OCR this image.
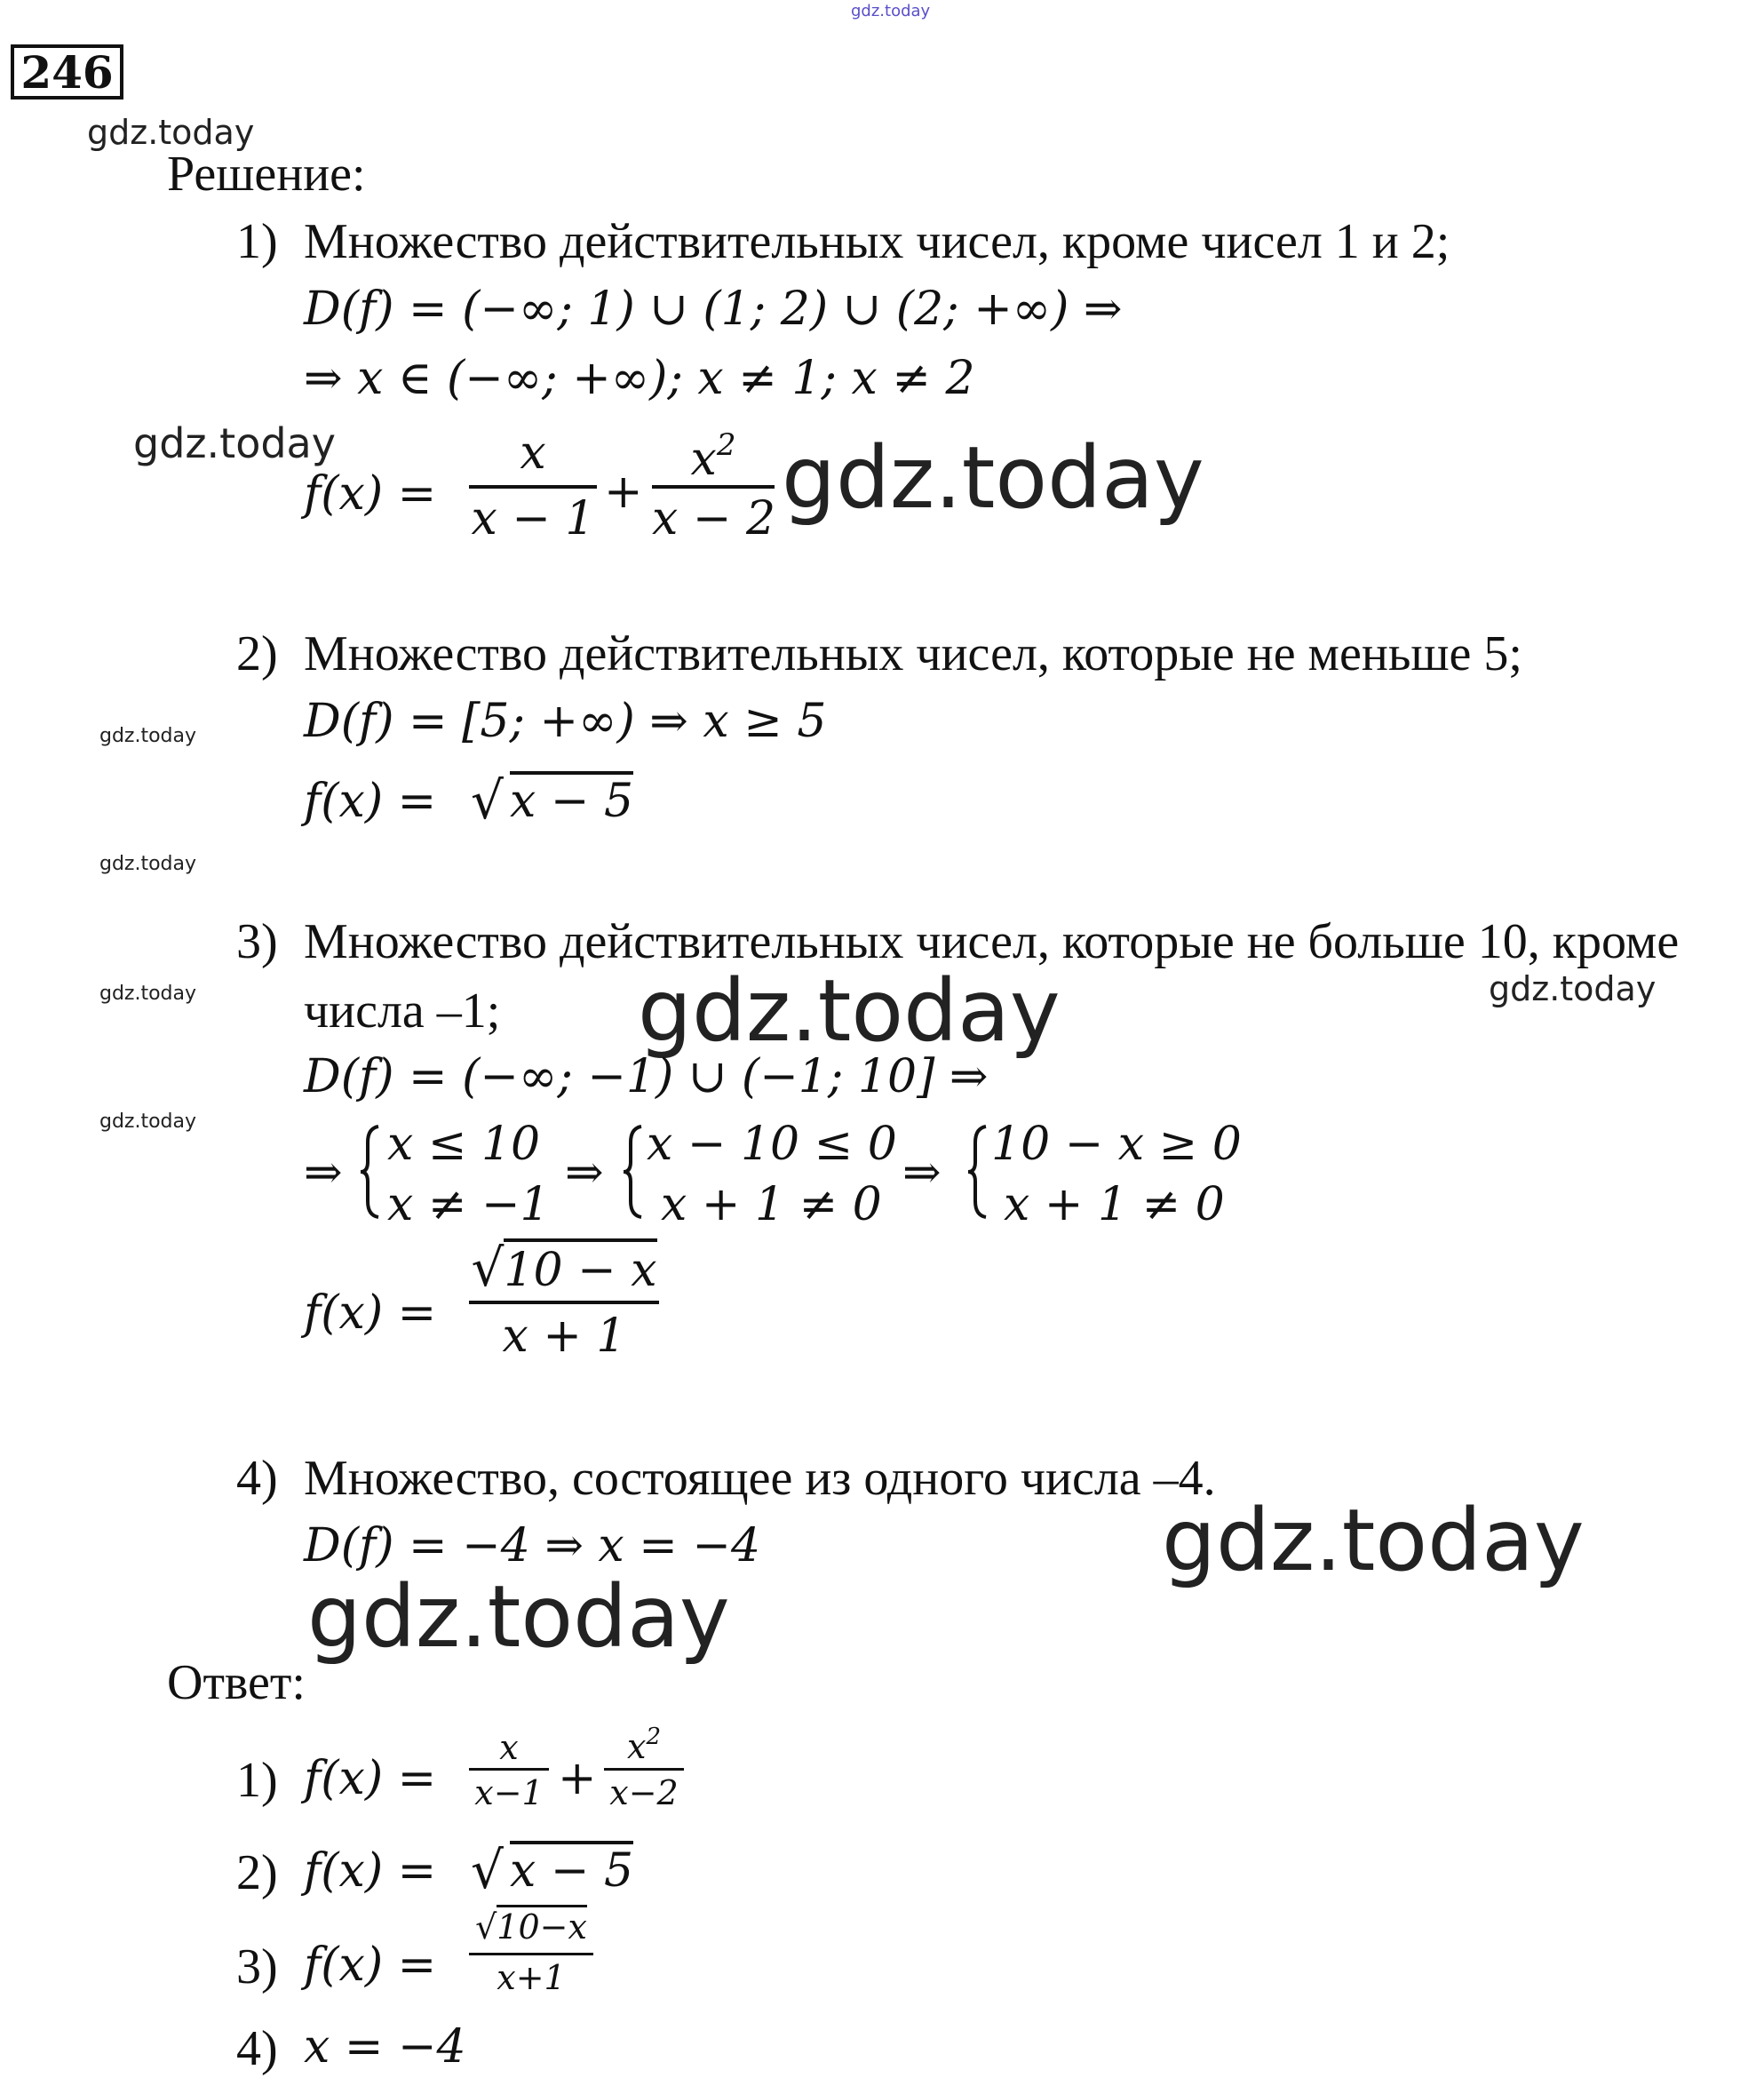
gdz.today
gdz.today
gdz.today	gdz.today
gdz.today
gdz.today
gdz.today
gdz.today
gdz.today
gdz.today
gdz.today
gdz.today
246
Решение:
1) Множество действительных чисел, кроме чисел 1 и 2;
D(f) = (−∞; 1) ∪ (1; 2) ∪ (2; +∞) ⇒
⇒ x ∈ (−∞; +∞); x ≠ 1; x ≠ 2
f(x) =
x
x − 1 +
$x^2$
x − 2
2) Множество действительных чисел, которые не меньше 5;
D(f) = [5; +∞) ⇒ x ≥ 5
f(x) = √ x − 5
3) Множество действительных чисел, которые не больше 10, кроме
числа –1;
D(f) = (−∞; −1) ∪ (−1; 10] ⇒
⇒
x ≤ 10
x ≠ −1
⇒
x − 10 ≤ 0
x + 1 ≠ 0
⇒
10 − x ≥ 0
x + 1 ≠ 0
f(x) =
√10 − x
x + 1
4) Множество, состоящее из одного числа –4.
D(f) = −4 ⇒ x = −4
Ответ:
1) f(x) =
x
x−1 +
$x^2$
x−2
2) f(x) = √ x − 5
3) f(x) =
√10−x
x+1
4) x = −4
